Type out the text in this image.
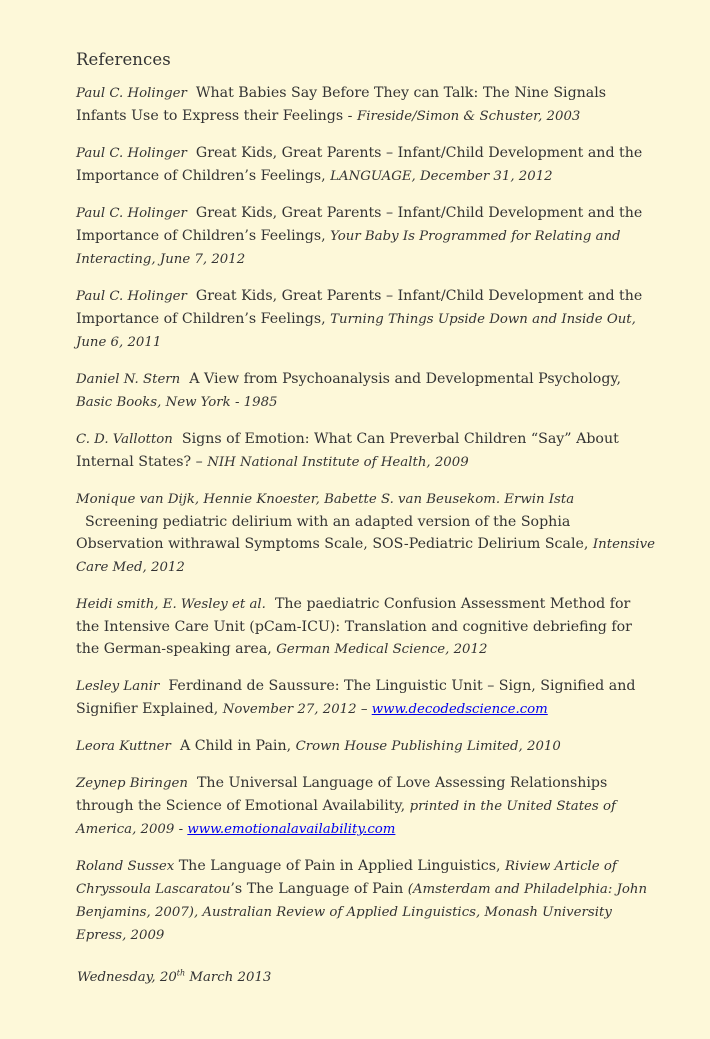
References
Paul C. Holinger What Babies Say Before They can Talk: The Nine Signals Infants Use to Express their Feelings - Fireside/Simon & Schuster, 2003
Paul C. Holinger Great Kids, Great Parents – Infant/Child Development and the Importance of Children’s Feelings, LANGUAGE, December 31, 2012
Paul C. Holinger Great Kids, Great Parents – Infant/Child Development and the Importance of Children’s Feelings, Your Baby Is Programmed for Relating and Interacting, June 7, 2012
Paul C. Holinger Great Kids, Great Parents – Infant/Child Development and the Importance of Children’s Feelings, Turning Things Upside Down and Inside Out, June 6, 2011
Daniel N. Stern A View from Psychoanalysis and Developmental Psychology, Basic Books, New York - 1985
C. D. Vallotton Signs of Emotion: What Can Preverbal Children “Say” About Internal States? – NIH National Institute of Health, 2009
Monique van Dijk, Hennie Knoester, Babette S. van Beusekom. Erwin Ista  Screening pediatric delirium with an adapted version of the Sophia Observation withrawal Symptoms Scale, SOS-Pediatric Delirium Scale, Intensive Care Med, 2012
Heidi smith, E. Wesley et al. The paediatric Confusion Assessment Method for the Intensive Care Unit (pCam-ICU): Translation and cognitive debriefing for the German-speaking area, German Medical Science, 2012
Lesley Lanir Ferdinand de Saussure: The Linguistic Unit – Sign, Signified and Signifier Explained, November 27, 2012 – www.decodedscience.com
Leora Kuttner A Child in Pain, Crown House Publishing Limited, 2010
Zeynep Biringen The Universal Language of Love Assessing Relationships through the Science of Emotional Availability, printed in the United States of America, 2009 - www.emotionalavailability.com
Roland Sussex The Language of Pain in Applied Linguistics, Riview Article of Chryssoula Lascaratou’s The Language of Pain (Amsterdam and Philadelphia: John Benjamins, 2007), Australian Review of Applied Linguistics, Monash University Epress, 2009
Wednesday, 20th March 2013
